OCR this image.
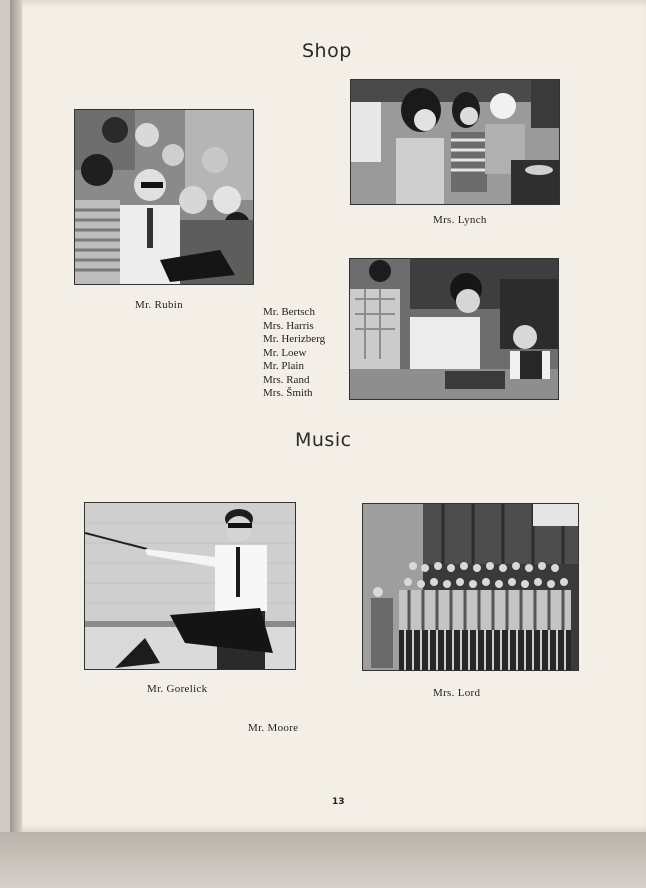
Shop
Mr. Rubin
Mrs. Lynch
Mr. Bertsch
Mrs. Harris
Mr. Herizberg
Mr. Loew
Mr. Plain
Mrs. Rand
Mrs. Šmith
Music
Mr. Gorelick	Mrs. Lord
Mr. Moore
13
